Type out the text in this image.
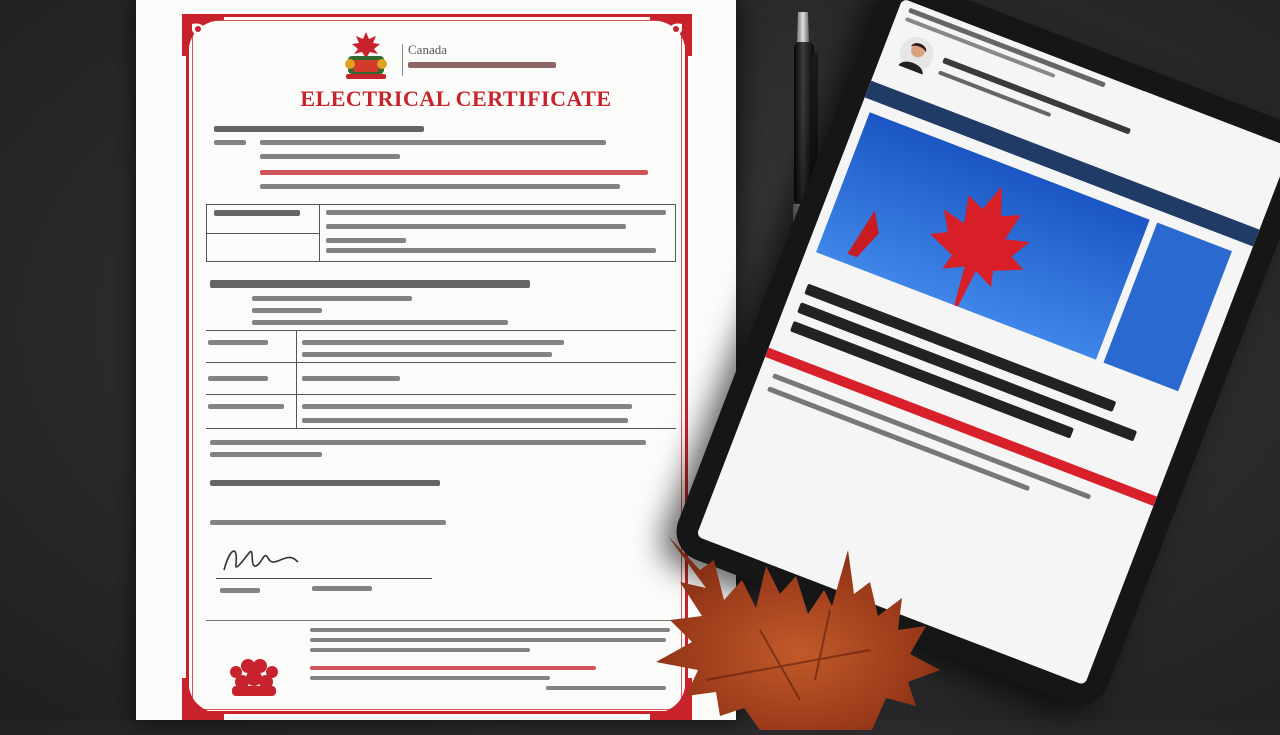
Canada
ELECTRICAL CERTIFICATE
